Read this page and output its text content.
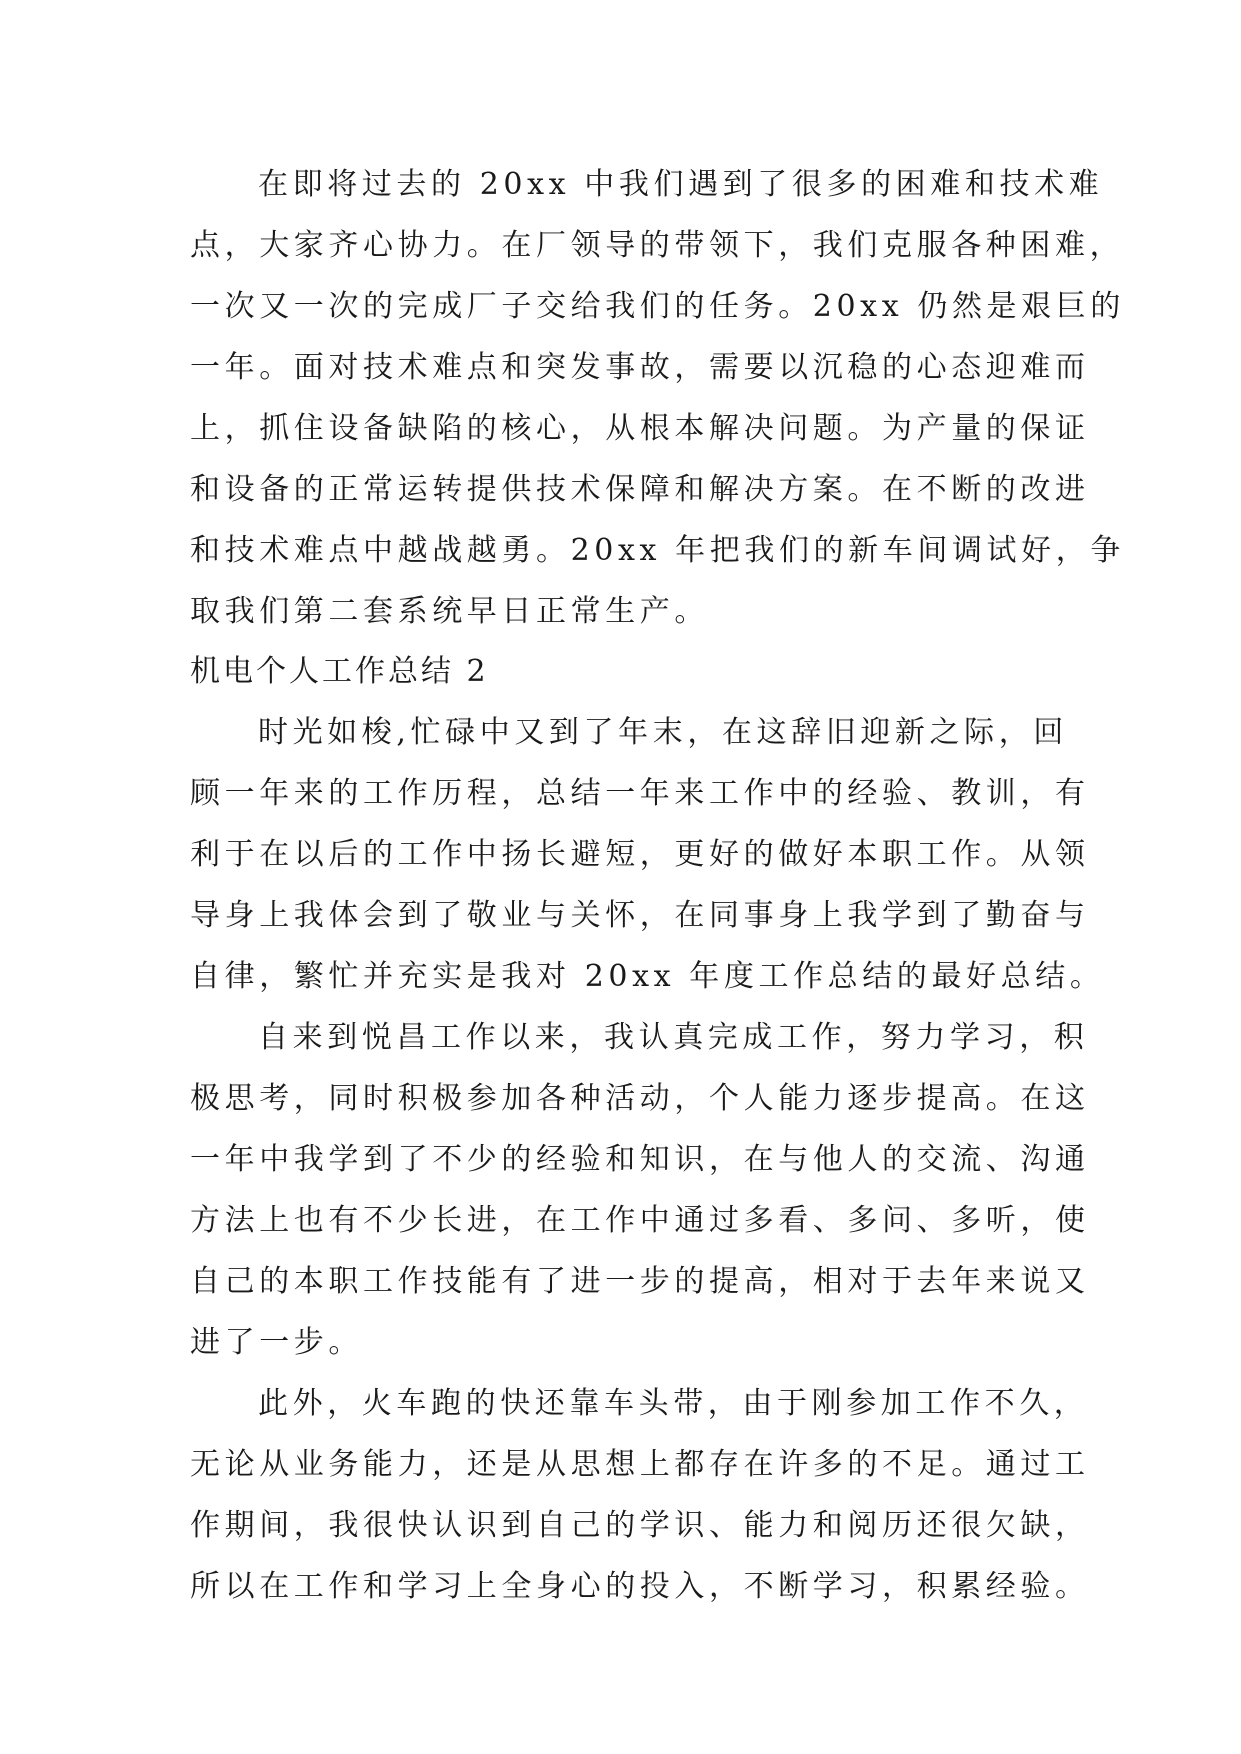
在即将过去的 20xx 中我们遇到了很多的困难和技术难
点，大家齐心协力。在厂领导的带领下，我们克服各种困难，
一次又一次的完成厂子交给我们的任务。20xx 仍然是艰巨的
一年。面对技术难点和突发事故，需要以沉稳的心态迎难而
上，抓住设备缺陷的核心，从根本解决问题。为产量的保证
和设备的正常运转提供技术保障和解决方案。在不断的改进
和技术难点中越战越勇。20xx 年把我们的新车间调试好，争
取我们第二套系统早日正常生产。
机电个人工作总结 2
时光如梭,忙碌中又到了年末，在这辞旧迎新之际，回
顾一年来的工作历程，总结一年来工作中的经验、教训，有
利于在以后的工作中扬长避短，更好的做好本职工作。从领
导身上我体会到了敬业与关怀，在同事身上我学到了勤奋与
自律，繁忙并充实是我对 20xx 年度工作总结的最好总结。
自来到悦昌工作以来，我认真完成工作，努力学习，积
极思考，同时积极参加各种活动，个人能力逐步提高。在这
一年中我学到了不少的经验和知识，在与他人的交流、沟通
方法上也有不少长进，在工作中通过多看、多问、多听，使
自己的本职工作技能有了进一步的提高，相对于去年来说又
进了一步。
此外，火车跑的快还靠车头带，由于刚参加工作不久，
无论从业务能力，还是从思想上都存在许多的不足。通过工
作期间，我很快认识到自己的学识、能力和阅历还很欠缺，
所以在工作和学习上全身心的投入，不断学习，积累经验。
